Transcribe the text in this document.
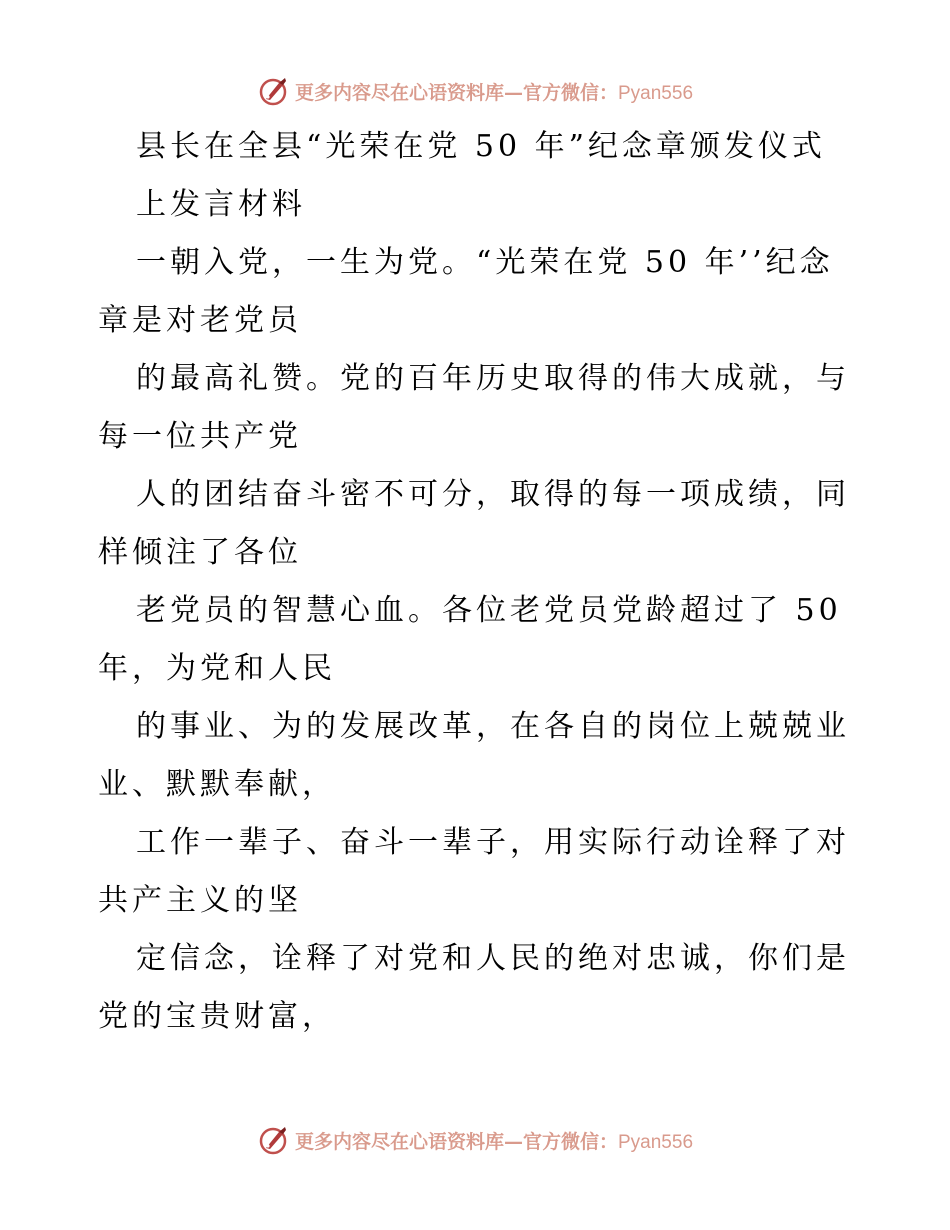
更多内容尽在心语资料库—官方微信：Pyan556
县长在全县“光荣在党 50 年”纪念章颁发仪式
上发言材料
一朝入党，一生为党。“光荣在党 50 年’’纪念
章是对老党员
的最高礼赞。党的百年历史取得的伟大成就，与
每一位共产党
人的团结奋斗密不可分，取得的每一项成绩，同
样倾注了各位
老党员的智慧心血。各位老党员党龄超过了 50
年，为党和人民
的事业、为的发展改革，在各自的岗位上兢兢业
业、默默奉献，
工作一辈子、奋斗一辈子，用实际行动诠释了对
共产主义的坚
定信念，诠释了对党和人民的绝对忠诚，你们是
党的宝贵财富，
更多内容尽在心语资料库—官方微信：Pyan556
